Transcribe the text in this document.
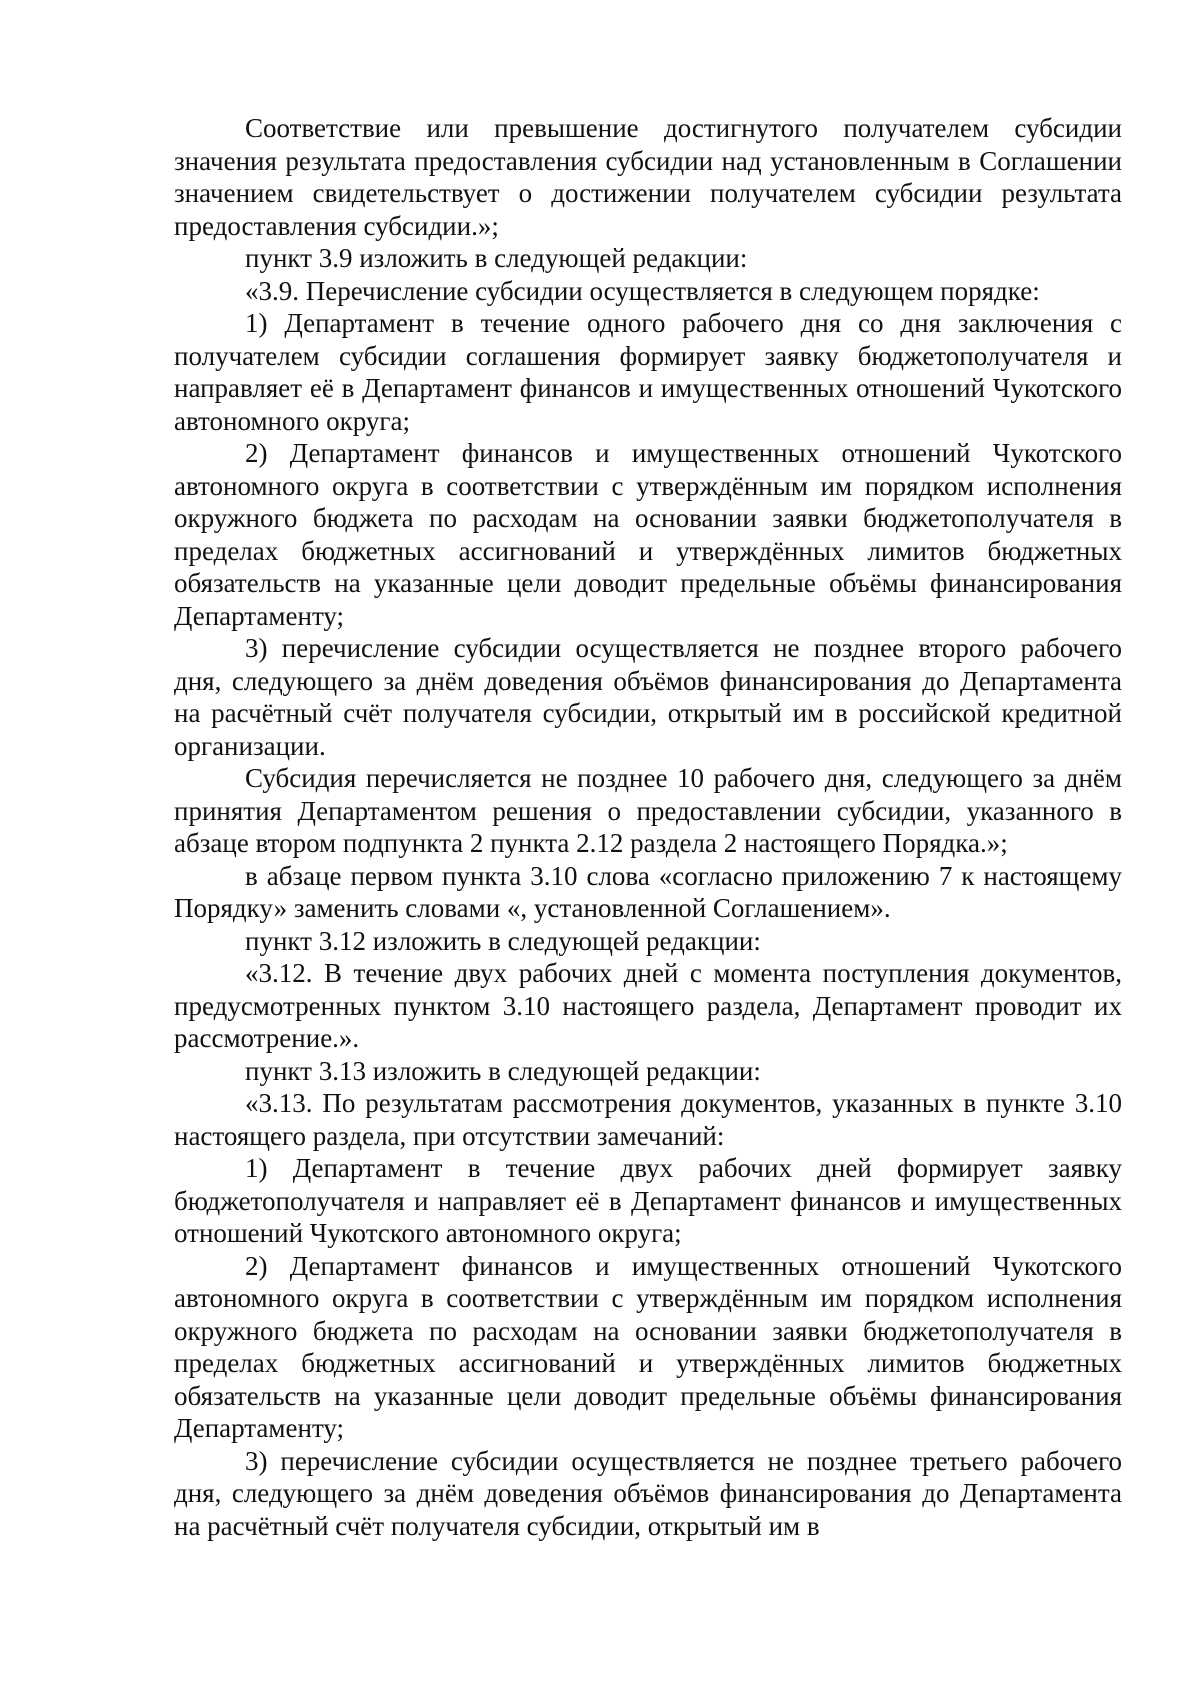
Соответствие или превышение достигнутого получателем субсидии значения результата предоставления субсидии над установленным в Соглашении значением свидетельствует о достижении получателем субсидии результата предоставления субсидии.»;

пункт 3.9 изложить в следующей редакции:

«3.9. Перечисление субсидии осуществляется в следующем порядке:

1) Департамент в течение одного рабочего дня со дня заключения с получателем субсидии соглашения формирует заявку бюджетополучателя и направляет её в Департамент финансов и имущественных отношений Чукотского автономного округа;

2) Департамент финансов и имущественных отношений Чукотского автономного округа в соответствии с утверждённым им порядком исполнения окружного бюджета по расходам на основании заявки бюджетополучателя в пределах бюджетных ассигнований и утверждённых лимитов бюджетных обязательств на указанные цели доводит предельные объёмы финансирования Департаменту;

3) перечисление субсидии осуществляется не позднее второго рабочего дня, следующего за днём доведения объёмов финансирования до Департамента на расчётный счёт получателя субсидии, открытый им в российской кредитной организации.

Субсидия перечисляется не позднее 10 рабочего дня, следующего за днём принятия Департаментом решения о предоставлении субсидии, указанного в абзаце втором подпункта 2 пункта 2.12 раздела 2 настоящего Порядка.»;

в абзаце первом пункта 3.10 слова «согласно приложению 7 к настоящему Порядку» заменить словами «, установленной Соглашением».

пункт 3.12 изложить в следующей редакции:

«3.12. В течение двух рабочих дней с момента поступления документов, предусмотренных пунктом 3.10 настоящего раздела, Департамент проводит их рассмотрение.».

пункт 3.13 изложить в следующей редакции:

«3.13. По результатам рассмотрения документов, указанных в пункте 3.10 настоящего раздела, при отсутствии замечаний:

1) Департамент в течение двух рабочих дней формирует заявку бюджетополучателя и направляет её в Департамент финансов и имущественных отношений Чукотского автономного округа;

2) Департамент финансов и имущественных отношений Чукотского автономного округа в соответствии с утверждённым им порядком исполнения окружного бюджета по расходам на основании заявки бюджетополучателя в пределах бюджетных ассигнований и утверждённых лимитов бюджетных обязательств на указанные цели доводит предельные объёмы финансирования Департаменту;

3) перечисление субсидии осуществляется не позднее третьего рабочего дня, следующего за днём доведения объёмов финансирования до Департамента на расчётный счёт получателя субсидии, открытый им в
